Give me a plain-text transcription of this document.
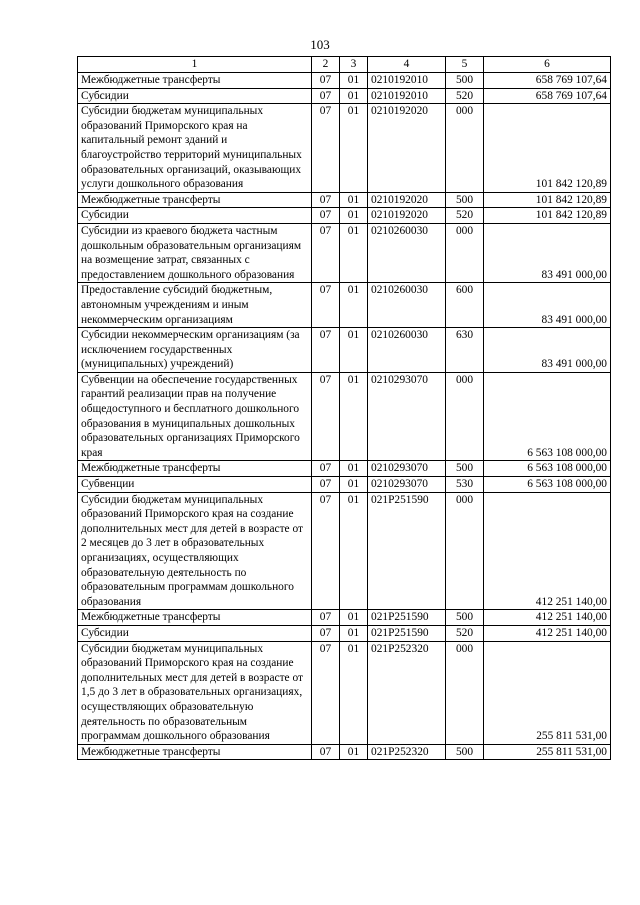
103
1	2	3	4	5	6
Межбюджетные трансферты	07	01	0210192010	500	658 769 107,64
Субсидии	07	01	0210192010	520	658 769 107,64
Субсидии бюджетам муниципальных образований Приморского края на капитальный ремонт зданий и благоустройство территорий муниципальных образовательных организаций, оказывающих услуги дошкольного образования	07	01	0210192020	000	101 842 120,89
Межбюджетные трансферты	07	01	0210192020	500	101 842 120,89
Субсидии	07	01	0210192020	520	101 842 120,89
Субсидии из краевого бюджета частным дошкольным образовательным организациям на возмещение затрат, связанных с предоставлением дошкольного образования	07	01	0210260030	000	83 491 000,00
Предоставление субсидий бюджетным, автономным учреждениям и иным некоммерческим организациям	07	01	0210260030	600	83 491 000,00
Субсидии некоммерческим организациям (за исключением государственных (муниципальных) учреждений)	07	01	0210260030	630	83 491 000,00
Субвенции на обеспечение государственных гарантий реализации прав на получение общедоступного и бесплатного дошкольного образования в муниципальных дошкольных образовательных организациях Приморского края	07	01	0210293070	000	6 563 108 000,00
Межбюджетные трансферты	07	01	0210293070	500	6 563 108 000,00
Субвенции	07	01	0210293070	530	6 563 108 000,00
Субсидии бюджетам муниципальных образований Приморского края на создание дополнительных мест для детей в возрасте от 2 месяцев до 3 лет в образовательных организациях, осуществляющих образовательную деятельность по образовательным программам дошкольного образования	07	01	021P251590	000	412 251 140,00
Межбюджетные трансферты	07	01	021P251590	500	412 251 140,00
Субсидии	07	01	021P251590	520	412 251 140,00
Субсидии бюджетам муниципальных образований Приморского края на создание дополнительных мест для детей в возрасте от 1,5 до 3 лет в образовательных организациях, осуществляющих образовательную деятельность по образовательным программам дошкольного образования	07	01	021P252320	000	255 811 531,00
Межбюджетные трансферты	07	01	021P252320	500	255 811 531,00
